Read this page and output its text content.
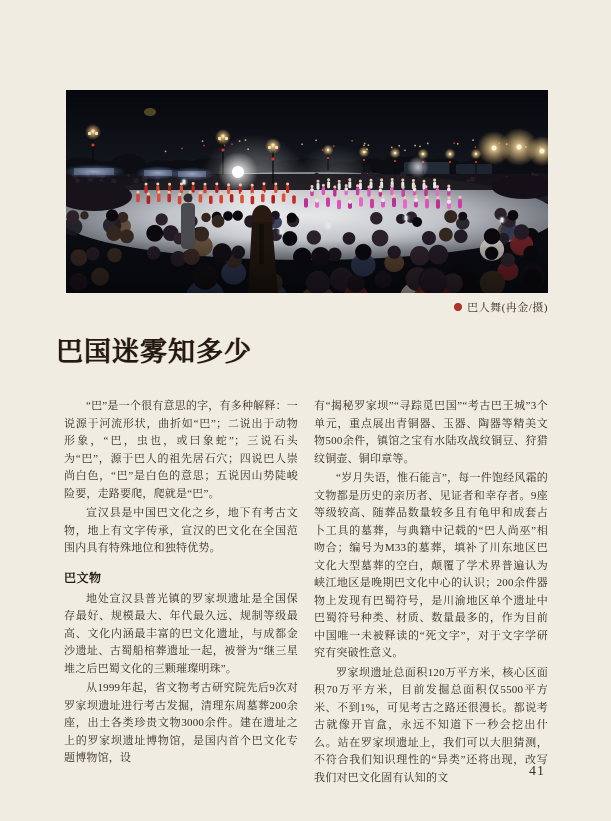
巴人舞(冉金/摄)
巴国迷雾知多少

“巴”是一个很有意思的字，有多种解释：一说源于河流形状，曲折如“巴”；二说出于动物形象，“巴，虫也，或曰象蛇”；三说石头为“巴”，源于巴人的祖先居石穴；四说巴人崇尚白色，“巴”是白色的意思；五说因山势陡峻险要，走路要爬，爬就是“巴”。

宣汉县是中国巴文化之乡，地下有考古文物，地上有文字传承，宣汉的巴文化在全国范围内具有特殊地位和独特优势。

巴文物

地处宣汉县普光镇的罗家坝遗址是全国保存最好、规模最大、年代最久远、规制等级最高、文化内涵最丰富的巴文化遗址，与成都金沙遗址、古蜀船棺葬遗址一起，被誉为“继三星堆之后巴蜀文化的三颗璀璨明珠”。

从1999年起，省文物考古研究院先后9次对罗家坝遗址进行考古发掘，清理东周墓葬200余座，出土各类珍贵文物3000余件。建在遗址之上的罗家坝遗址博物馆，是国内首个巴文化专题博物馆，设

有“揭秘罗家坝”“寻踪觅巴国”“考古巴王城”3个单元，重点展出青铜器、玉器、陶器等精美文物500余件，镇馆之宝有水陆攻战纹铜豆、狩猎纹铜壶、铜印章等。

“岁月失语，惟石能言”，每一件饱经风霜的文物都是历史的亲历者、见证者和幸存者。9座等级较高、随葬品数量较多且有龟甲和成套占卜工具的墓葬，与典籍中记载的“巴人尚巫”相吻合；编号为M33的墓葬，填补了川东地区巴文化大型墓葬的空白，颠覆了学术界普遍认为峡江地区是晚期巴文化中心的认识；200余件器物上发现有巴蜀符号，是川渝地区单个遗址中巴蜀符号种类、材质、数量最多的，作为目前中国唯一未被释读的“死文字”，对于文字学研究有突破性意义。

罗家坝遗址总面积120万平方米，核心区面积70万平方米，目前发掘总面积仅5500平方米、不到1%，可见考古之路还很漫长。都说考古就像开盲盒，永远不知道下一秒会挖出什么。站在罗家坝遗址上，我们可以大胆猜测，不符合我们知识理性的“异类”还将出现，改写我们对巴文化固有认知的文	41
